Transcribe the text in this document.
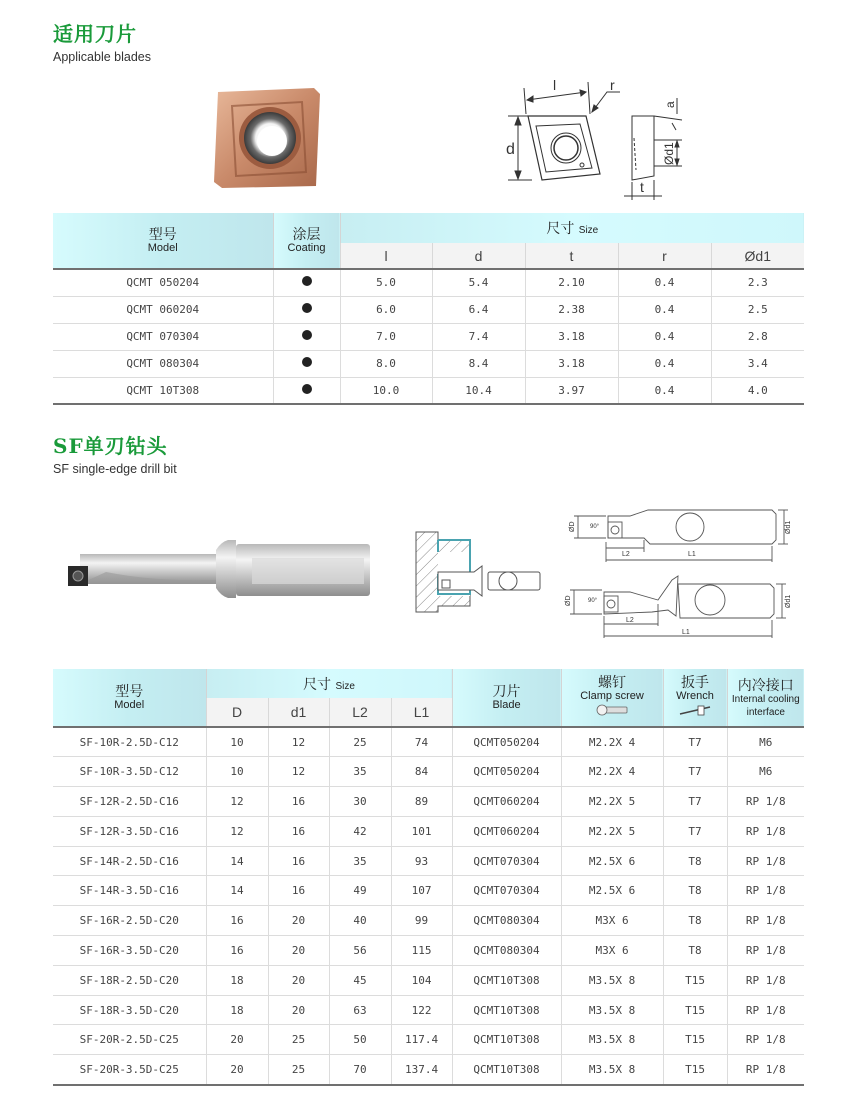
适用刀片
Applicable blades
l	r
d	Ød1
a
t
型号
Model	涂层
Coating	尺寸 Size				
		l	d	t	r	Ød1
QCMT 050204		5.0	5.4	2.10	0.4	2.3
QCMT 060204		6.0	6.4	2.38	0.4	2.5
QCMT 070304		7.0	7.4	3.18	0.4	2.8
QCMT 080304		8.0	8.4	3.18	0.4	3.4
QCMT 10T308		10.0	10.4	3.97	0.4	4.0
SF单刃钻头
SF single-edge drill bit
ØD 90°
L2	L1
Ød1
ØD	90°
L2
L1
Ød1
型号
Model	尺寸 Size				刀片
Blade	螺钉
Clamp screw	扳手
Wrench	内冷接口
Internal cooling interface

	D	d1	L2	L1				
SF-10R-2.5D-C12	10	12	25	74	QCMT050204	M2.2X 4	T7	M6
SF-10R-3.5D-C12	10	12	35	84	QCMT050204	M2.2X 4	T7	M6
SF-12R-2.5D-C16	12	16	30	89	QCMT060204	M2.2X 5	T7	RP 1/8
SF-12R-3.5D-C16	12	16	42	101	QCMT060204	M2.2X 5	T7	RP 1/8
SF-14R-2.5D-C16	14	16	35	93	QCMT070304	M2.5X 6	T8	RP 1/8
SF-14R-3.5D-C16	14	16	49	107	QCMT070304	M2.5X 6	T8	RP 1/8
SF-16R-2.5D-C20	16	20	40	99	QCMT080304	M3X 6	T8	RP 1/8
SF-16R-3.5D-C20	16	20	56	115	QCMT080304	M3X 6	T8	RP 1/8
SF-18R-2.5D-C20	18	20	45	104	QCMT10T308	M3.5X 8	T15	RP 1/8
SF-18R-3.5D-C20	18	20	63	122	QCMT10T308	M3.5X 8	T15	RP 1/8
SF-20R-2.5D-C25	20	25	50	117.4	QCMT10T308	M3.5X 8	T15	RP 1/8
SF-20R-3.5D-C25	20	25	70	137.4	QCMT10T308	M3.5X 8	T15	RP 1/8
